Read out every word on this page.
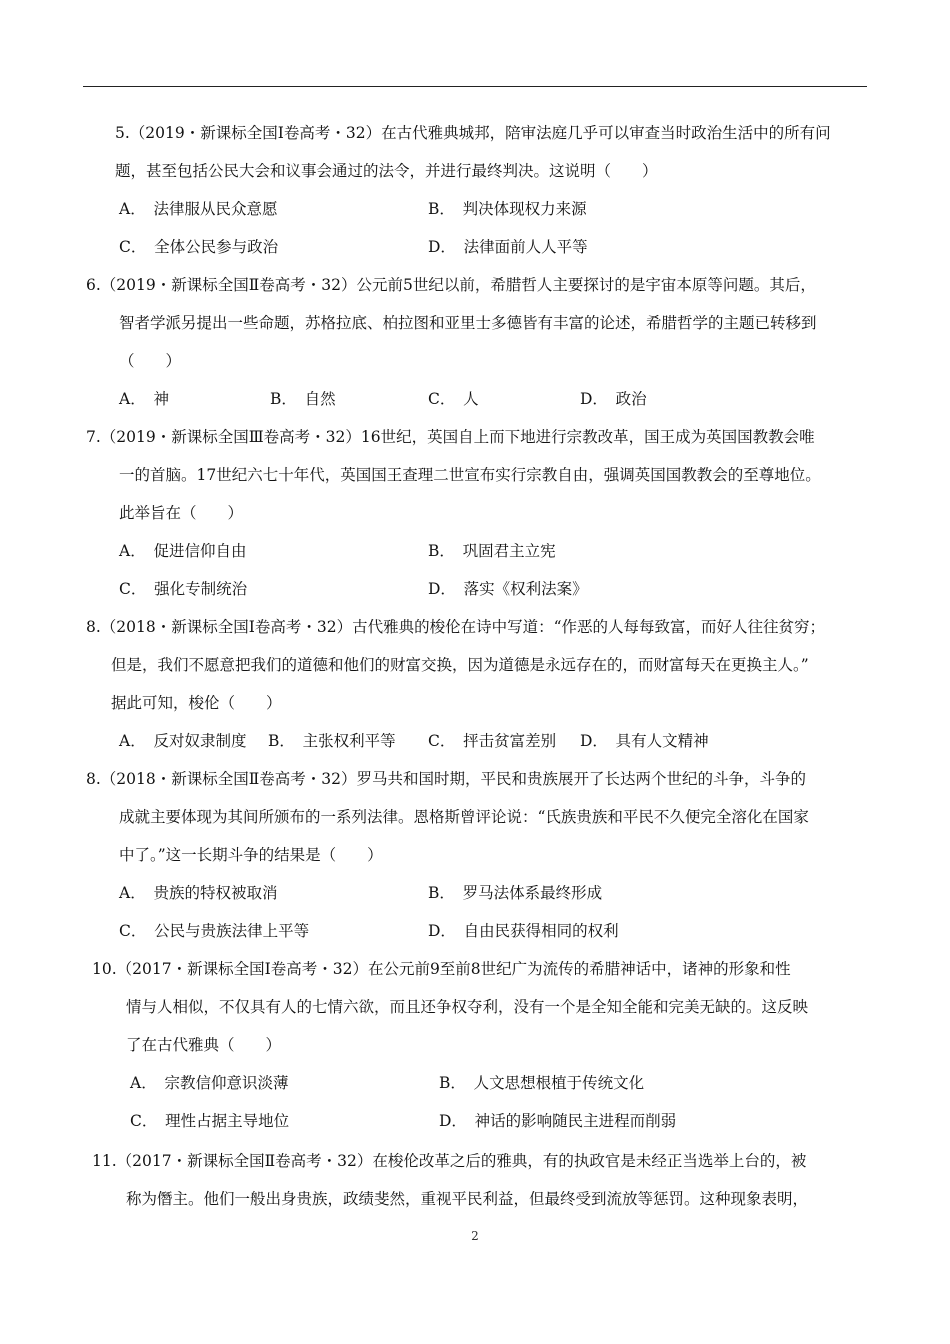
5.（2019・新课标全国Ⅰ卷高考・32）在古代雅典城邦，陪审法庭几乎可以审查当时政治生活中的所有问
题，甚至包括公民大会和议事会通过的法令，并进行最终判决。这说明（　　）
A．　法律服从民众意愿	B．　判决体现权力来源
C．　全体公民参与政治	D．　法律面前人人平等
6.（2019・新课标全国Ⅱ卷高考・32）公元前5世纪以前，希腊哲人主要探讨的是宇宙本原等问题。其后，
智者学派另提出一些命题，苏格拉底、柏拉图和亚里士多德皆有丰富的论述，希腊哲学的主题已转移到
（　　）
A．　神	B．　自然	C．　人	D．　政治
7.（2019・新课标全国Ⅲ卷高考・32）16世纪，英国自上而下地进行宗教改革，国王成为英国国教教会唯
一的首脑。17世纪六七十年代，英国国王查理二世宣布实行宗教自由，强调英国国教教会的至尊地位。
此举旨在（　　）
A．　促进信仰自由	B．　巩固君主立宪
C．　强化专制统治	D．　落实《权利法案》
8.（2018・新课标全国Ⅰ卷高考・32）古代雅典的梭伦在诗中写道：“作恶的人每每致富，而好人往往贫穷；
但是，我们不愿意把我们的道德和他们的财富交换，因为道德是永远存在的，而财富每天在更换主人。”
据此可知，梭伦（　　）
A．　反对奴隶制度 B．　主张权利平等 C．　抨击贫富差别 D．　具有人文精神
8.（2018・新课标全国Ⅱ卷高考・32）罗马共和国时期，平民和贵族展开了长达两个世纪的斗争，斗争的
成就主要体现为其间所颁布的一系列法律。恩格斯曾评论说：“氏族贵族和平民不久便完全溶化在国家
中了。”这一长期斗争的结果是（　　）
A．　贵族的特权被取消	B．　罗马法体系最终形成
C．　公民与贵族法律上平等	D．　自由民获得相同的权利
10.（2017・新课标全国Ⅰ卷高考・32）在公元前9至前8世纪广为流传的希腊神话中，诸神的形象和性
情与人相似，不仅具有人的七情六欲，而且还争权夺利，没有一个是全知全能和完美无缺的。这反映
了在古代雅典（　　）
A．　宗教信仰意识淡薄	B．　人文思想根植于传统文化
C．　理性占据主导地位	D．　神话的影响随民主进程而削弱
11.（2017・新课标全国Ⅱ卷高考・32）在梭伦改革之后的雅典，有的执政官是未经正当选举上台的，被
称为僭主。他们一般出身贵族，政绩斐然，重视平民利益，但最终受到流放等惩罚。这种现象表明，
2
